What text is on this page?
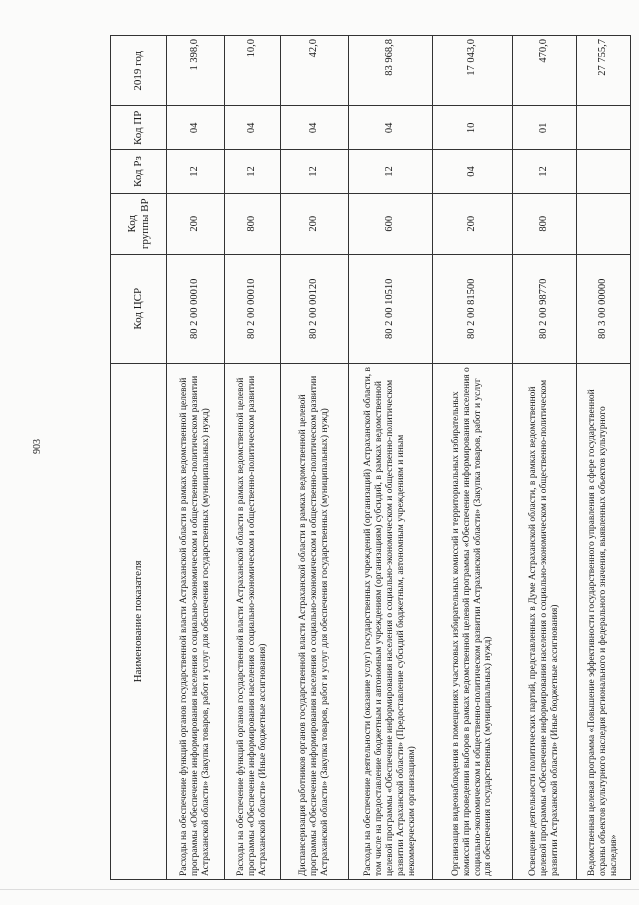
903
Наименование показателя	Код ЦСР	Код группы ВР	Код Рз	Код ПР	2019 год
Расходы на обеспечение функций органов государственной власти Астраханской области в рамках ведомственной целевой программы «Обеспечение информирования населения о социально-экономическом и общественно-политическом развитии Астраханской области» (Закупка товаров, работ и услуг для обеспечения государственных (муниципальных) нужд)	80 2 00 00010	200	12	04	1 398,0
Расходы на обеспечение функций органов государственной власти Астраханской области в рамках ведомственной целевой программы «Обеспечение информирования населения о социально-экономическом и общественно-политическом развитии Астраханской области» (Иные бюджетные ассигнования)	80 2 00 00010	800	12	04	10,0
Диспансеризация работников органов государственной власти Астраханской области в рамках ведомственной целевой программы «Обеспечение информирования населения о социально-экономическом и общественно-политическом развитии Астраханской области» (Закупка товаров, работ и услуг для обеспечения государственных (муниципальных) нужд)	80 2 00 00120	200	12	04	42,0
Расходы на обеспечение деятельности (оказание услуг) государственных учреждений (организаций) Астраханской области, в том числе на предоставление бюджетным и автономным учреждениям (организациям) субсидий, в рамках ведомственной целевой программы «Обеспечение информирования населения о социально-экономическом и общественно-политическом развитии Астраханской области» (Предоставление субсидий бюджетным, автономным учреждениям и иным некоммерческим организациям)	80 2 00 10510	600	12	04	83 968,8
Организация видеонаблюдения в помещениях участковых избирательных комиссий и территориальных избирательных комиссий при проведении выборов в рамках ведомственной целевой программы «Обеспечение информирования населения о социально-экономическом и общественно-политическом развитии Астраханской области» (Закупка товаров, работ и услуг для обеспечения государственных (муниципальных) нужд)	80 2 00 81500	200	04	10	17 043,0
Освещение деятельности политических партий, представленных в Думе Астраханской области, в рамках ведомственной целевой программы «Обеспечение информирования населения о социально-экономическом и общественно-политическом развитии Астраханской области» (Иные бюджетные ассигнования)	80 2 00 98770	800	12	01	470,0
Ведомственная целевая программа «Повышение эффективности государственного управления в сфере государственной охраны объектов культурного наследия регионального и федерального значения, выявленных объектов культурного наследия»	80 3 00 00000				27 755,7
